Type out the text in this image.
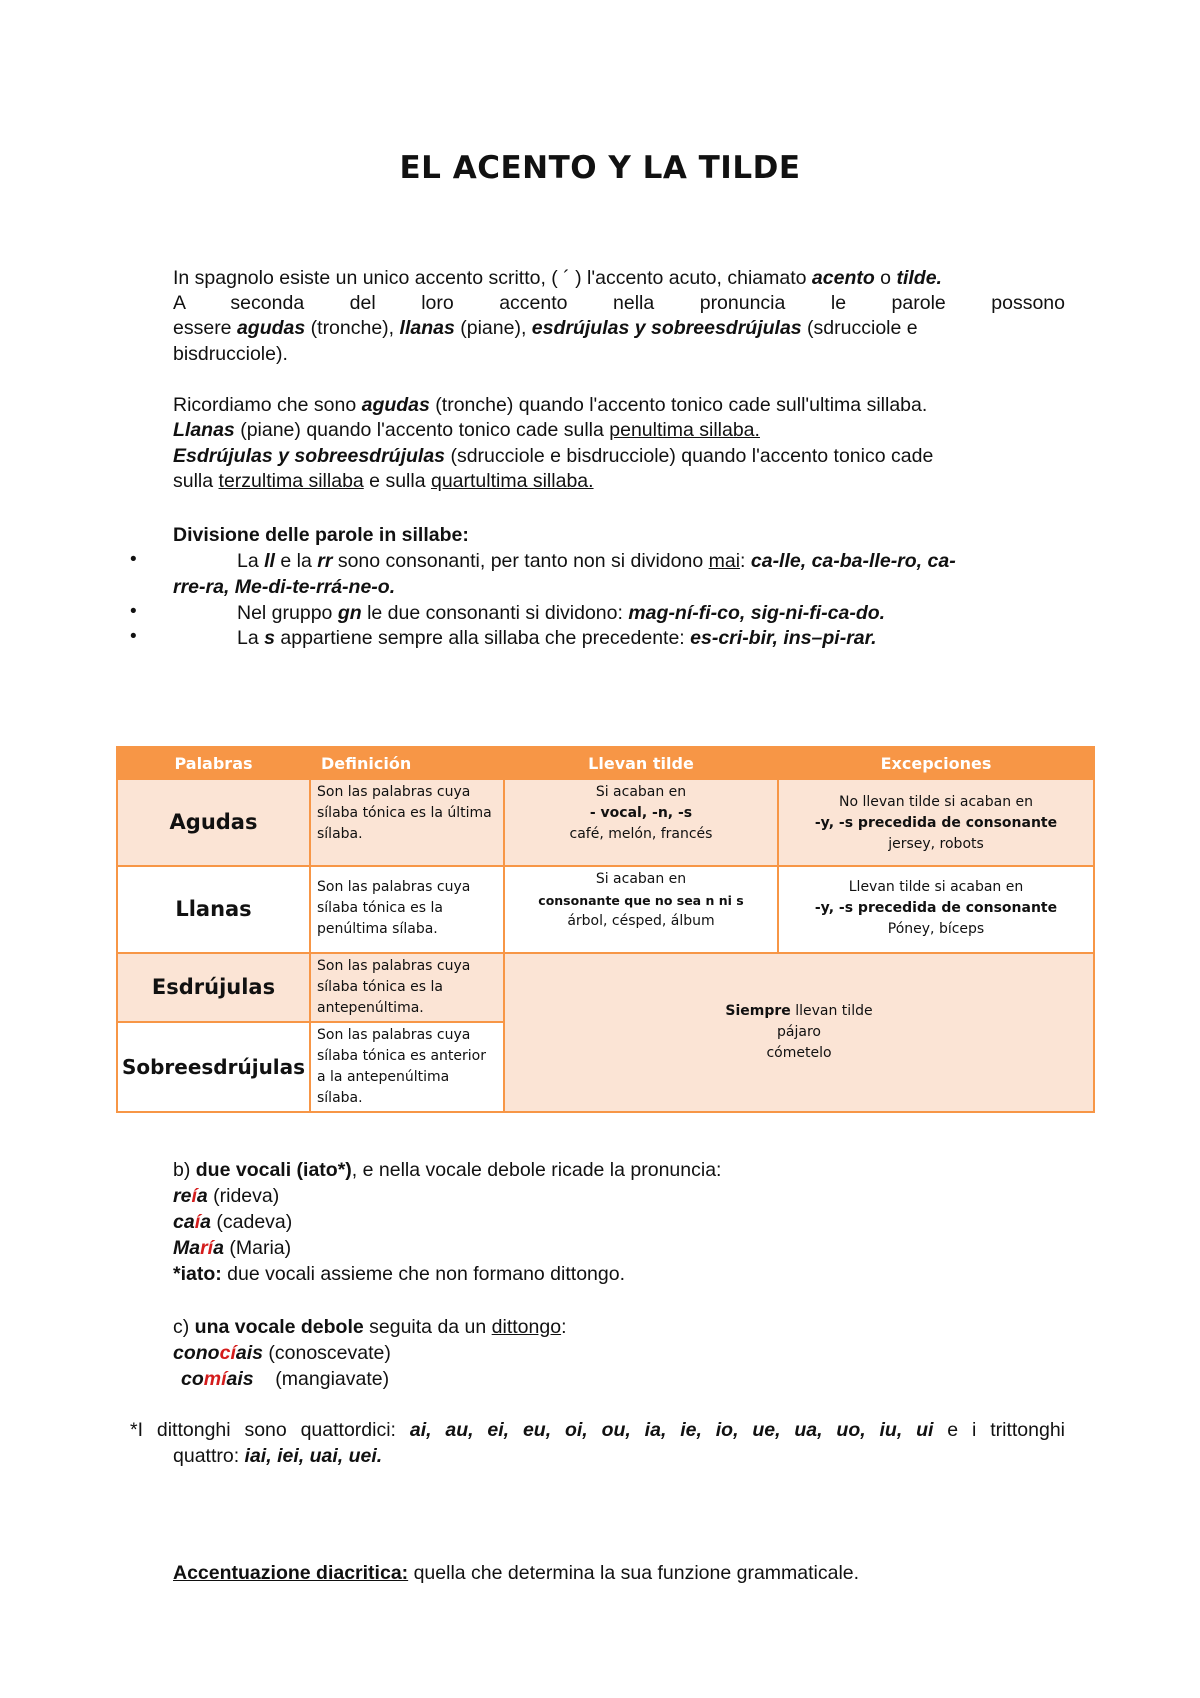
EL ACENTO Y LA TILDE

In spagnolo esiste un unico accento scritto, ( ´ ) l'accento acuto, chiamato acento o tilde.

A seconda del loro accento nella pronuncia le parole possono

essere agudas (tronche), llanas (piane), esdrújulas y sobreesdrújulas (sdrucciole e

bisdrucciole).

Ricordiamo che sono agudas (tronche) quando l'accento tonico cade sull'ultima sillaba.

Llanas (piane) quando l'accento tonico cade sulla penultima sillaba.

Esdrújulas y sobreesdrújulas (sdrucciole e bisdrucciole) quando l'accento tonico cade

sulla terzultima sillaba e sulla quartultima sillaba.

Divisione delle parole in sillabe:

•	La ll e la rr sono consonanti, per tanto non si dividono mai: ca-lle, ca-ba-lle-ro, ca-

rre-ra, Me-di-te-rrá-ne-o.

•	Nel gruppo gn le due consonanti si dividono: mag-ní-fi-co, sig-ni-fi-ca-do.

•	La s appartiene sempre alla sillaba che precedente: es-cri-bir, ins–pi-rar.

Palabras	Definición	Llevan tilde	Excepciones
Agudas	Son las palabras cuya sílaba tónica es la última sílaba.	Si acaban en
- vocal, -n, -s
café, melón, francés	No llevan tilde si acaban en
-y, -s precedida de consonante
jersey, robots

Llanas	Son las palabras cuya sílaba tónica es la penúltima sílaba.	Si acaban en
consonante que no sea n ni s
árbol, césped, álbum	Llevan tilde si acaban en
-y, -s precedida de consonante
Póney, bíceps

Esdrújulas	Son las palabras cuya sílaba tónica es la antepenúltima.	Siempre llevan tilde
pájaro
cómetelo	

Sobreesdrújulas	Son las palabras cuya sílaba tónica es anterior a la antepenúltima sílaba.		

b) due vocali (iato*), e nella vocale debole ricade la pronuncia:

reía (rideva)

caía (cadeva)

María (Maria)

*iato: due vocali assieme che non formano dittongo.

c) una vocale debole seguita da un dittongo:

conocíais (conoscevate)

comíais    (mangiavate)

*I dittonghi sono quattordici: ai, au, ei, eu, oi, ou, ia, ie, io, ue, ua, uo, iu, ui e i trittonghi

quattro: iai, iei, uai, uei.

Accentuazione diacritica: quella che determina la sua funzione grammaticale.
